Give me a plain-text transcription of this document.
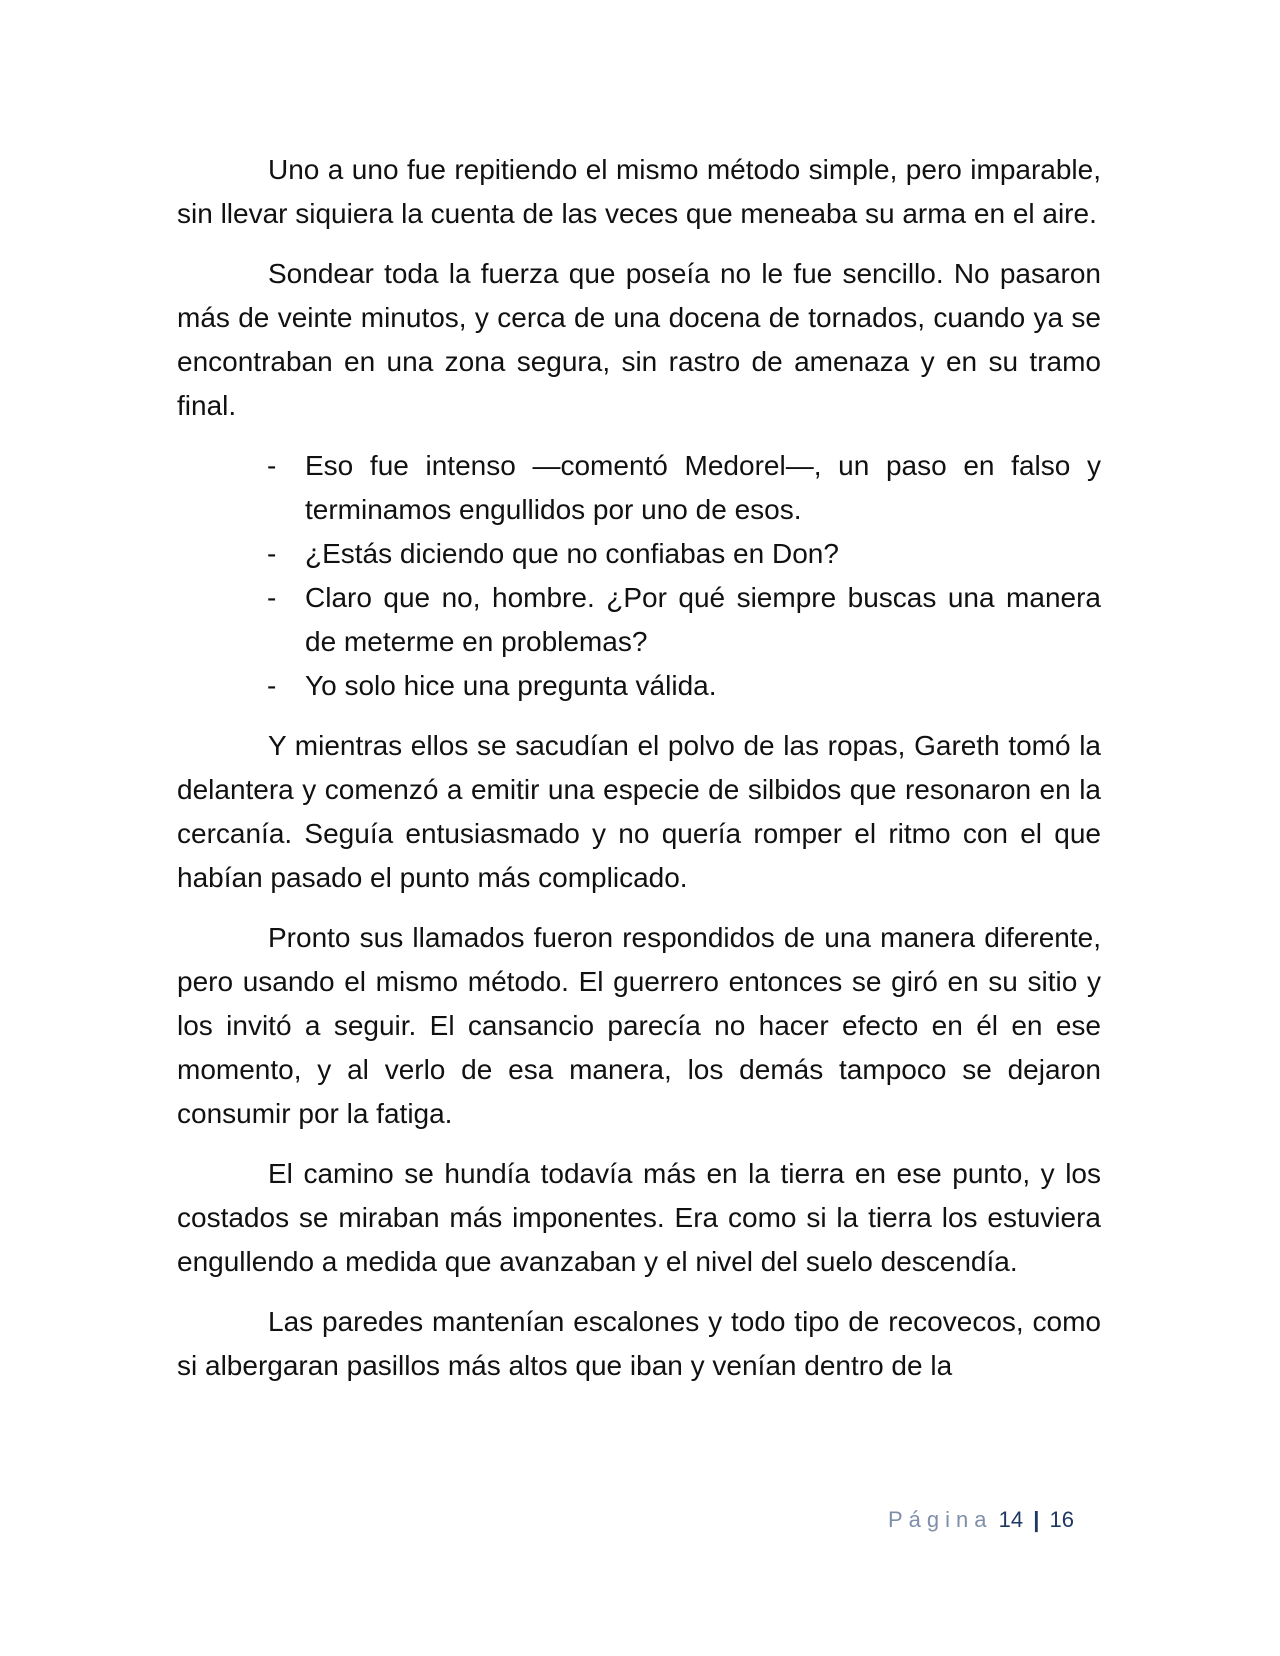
Uno a uno fue repitiendo el mismo método simple, pero imparable, sin llevar siquiera la cuenta de las veces que meneaba su arma en el aire.

Sondear toda la fuerza que poseía no le fue sencillo. No pasaron más de veinte minutos, y cerca de una docena de tornados, cuando ya se encontraban en una zona segura, sin rastro de amenaza y en su tramo final.

- Eso fue intenso —comentó Medorel—, un paso en falso y terminamos engullidos por uno de esos.
- ¿Estás diciendo que no confiabas en Don?
- Claro que no, hombre. ¿Por qué siempre buscas una manera de meterme en problemas?
- Yo solo hice una pregunta válida.

Y mientras ellos se sacudían el polvo de las ropas, Gareth tomó la delantera y comenzó a emitir una especie de silbidos que resonaron en la cercanía. Seguía entusiasmado y no quería romper el ritmo con el que habían pasado el punto más complicado.

Pronto sus llamados fueron respondidos de una manera diferente, pero usando el mismo método. El guerrero entonces se giró en su sitio y los invitó a seguir. El cansancio parecía no hacer efecto en él en ese momento, y al verlo de esa manera, los demás tampoco se dejaron consumir por la fatiga.

El camino se hundía todavía más en la tierra en ese punto, y los costados se miraban más imponentes. Era como si la tierra los estuviera engullendo a medida que avanzaban y el nivel del suelo descendía.

Las paredes mantenían escalones y todo tipo de recovecos, como si albergaran pasillos más altos que iban y venían dentro de la

Página 14 | 16
